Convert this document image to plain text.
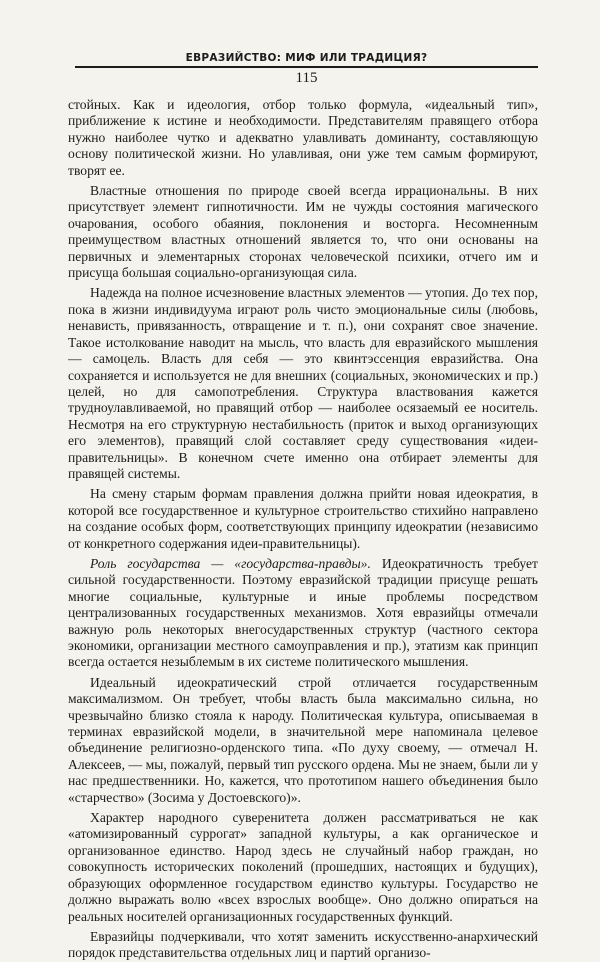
ЕВРАЗИЙСТВО: МИФ ИЛИ ТРАДИЦИЯ?
115

стойных. Как и идеология, отбор только формула, «идеальный тип», приближение к истине и необходимости. Представителям правящего отбора нужно наиболее чутко и адекватно улавливать доминанту, составляющую основу политической жизни. Но улавливая, они уже тем самым формируют, творят ее.

Властные отношения по природе своей всегда иррациональны. В них присутствует элемент гипнотичности. Им не чужды состояния магического очарования, особого обаяния, поклонения и восторга. Несомненным преимуществом властных отношений является то, что они основаны на первичных и элементарных сторонах человеческой психики, отчего им и присуща большая социально-организующая сила.

Надежда на полное исчезновение властных элементов — утопия. До тех пор, пока в жизни индивидуума играют роль чисто эмоциональные силы (любовь, ненависть, привязанность, отвращение и т. п.), они сохранят свое значение. Такое истолкование наводит на мысль, что власть для евразийского мышления — самоцель. Власть для себя — это квинтэссенция евразийства. Она сохраняется и используется не для внешних (социальных, экономических и пр.) целей, но для самопотребления. Структура властвования кажется трудноулавливаемой, но правящий отбор — наиболее осязаемый ее носитель. Несмотря на его структурную нестабильность (приток и выход организующих его элементов), правящий слой составляет среду существования «идеи-правительницы». В конечном счете именно она отбирает элементы для правящей системы.

На смену старым формам правления должна прийти новая идеократия, в которой все государственное и культурное строительство стихийно направлено на создание особых форм, соответствующих принципу идеократии (независимо от конкретного содержания идеи-правительницы).

Роль государства — «государства-правды». Идеократичность требует сильной государственности. Поэтому евразийской традиции присуще решать многие социальные, культурные и иные проблемы посредством централизованных государственных механизмов. Хотя евразийцы отмечали важную роль некоторых внегосударственных структур (частного сектора экономики, организации местного самоуправления и пр.), этатизм как принцип всегда остается незыблемым в их системе политического мышления.

Идеальный идеократический строй отличается государственным максимализмом. Он требует, чтобы власть была максимально сильна, но чрезвычайно близко стояла к народу. Политическая культура, описываемая в терминах евразийской модели, в значительной мере напоминала целевое объединение религиозно-орденского типа. «По духу своему, — отмечал Н. Алексеев, — мы, пожалуй, первый тип русского ордена. Мы не знаем, были ли у нас предшественники. Но, кажется, что прототипом нашего объединения было «старчество» (Зосима у Достоевского)».

Характер народного суверенитета должен рассматриваться не как «атомизированный суррогат» западной культуры, а как органическое и организованное единство. Народ здесь не случайный набор граждан, но совокупность исторических поколений (прошедших, настоящих и будущих), образующих оформленное государством единство культуры. Государство не должно выражать волю «всех взрослых вообще». Оно должно опираться на реальных носителей организационных государственных функций.

Евразийцы подчеркивали, что хотят заменить искусственно-анархический порядок представительства отдельных лиц и партий организо-
